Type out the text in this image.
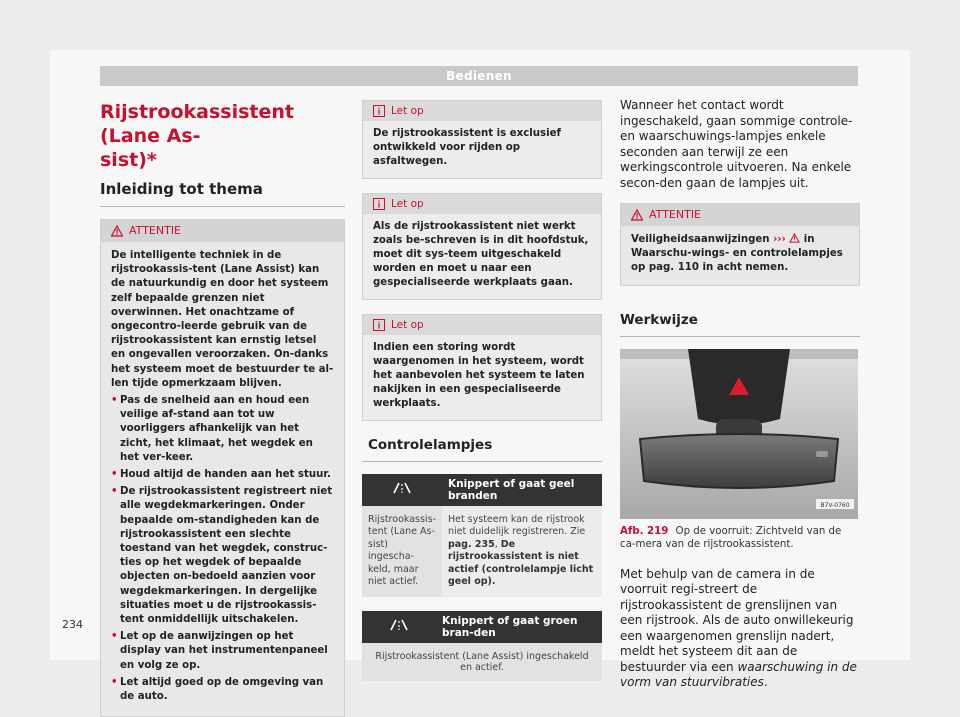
Bedienen
Rijstrookassistent (Lane As-
sist)*
Inleiding tot thema
ATTENTIE

De intelligente techniek in de rijstrookassis-tent (Lane Assist) kan de natuurkundig en door het systeem zelf bepaalde grenzen niet overwinnen. Het onachtzame of ongecontro-leerde gebruik van de rijstrookassistent kan ernstig letsel en ongevallen veroorzaken. On-danks het systeem moet de bestuurder te al-len tijde opmerkzaam blijven.

• Pas de snelheid aan en houd een veilige af-stand aan tot uw voorliggers afhankelijk van het zicht, het klimaat, het wegdek en het ver-keer.
• Houd altijd de handen aan het stuur.
• De rijstrookassistent registreert niet alle wegdekmarkeringen. Onder bepaalde om-standigheden kan de rijstrookassistent een slechte toestand van het wegdek, construc-ties op het wegdek of bepaalde objecten on-bedoeld aanzien voor wegdekmarkeringen. In dergelijke situaties moet u de rijstrookassis-tent onmiddellijk uitschakelen.
• Let op de aanwijzingen op het display van het instrumentenpaneel en volg ze op.
• Let altijd goed op de omgeving van de auto.
Let op
De rijstrookassistent is exclusief ontwikkeld voor rijden op asfaltwegen.
Let op
Als de rijstrookassistent niet werkt zoals be-schreven is in dit hoofdstuk, moet dit sys-teem uitgeschakeld worden en moet u naar een gespecialiseerde werkplaats gaan.
Let op
Indien een storing wordt waargenomen in het systeem, wordt het aanbevolen het systeem te laten nakijken in een gespecialiseerde werkplaats.
Controlelampjes
	Knippert of gaat geel branden
Rijstrookassis-tent (Lane As-sist) ingescha-keld, maar niet actief.	Het systeem kan de rijstrook niet duidelijk registreren. Zie pag. 235, De rijstrookassistent is niet actief (controlelampje licht geel op).
	Knippert of gaat groen bran-den
Rijstrookassistent (Lane Assist) ingeschakeld en actief.

Wanneer het contact wordt ingeschakeld, gaan sommige controle- en waarschuwings-lampjes enkele seconden aan terwijl ze een werkingscontrole uitvoeren. Na enkele secon-den gaan de lampjes uit.

ATTENTIE
Veiligheidsaanwijzingen ››› in Waarschu-wings- en controlelampjes op pag. 110 in acht nemen.
Werkwijze
B7V-0760
Afb. 219 Op de voorruit: Zichtveld van de ca-mera van de rijstrookassistent.

Met behulp van de camera in de voorruit regi-streert de rijstrookassistent de grenslijnen van een rijstrook. Als de auto onwillekeurig een waargenomen grenslijn nadert, meldt het systeem dit aan de bestuurder via een waarschuwing in de vorm van stuurvibraties.

234
